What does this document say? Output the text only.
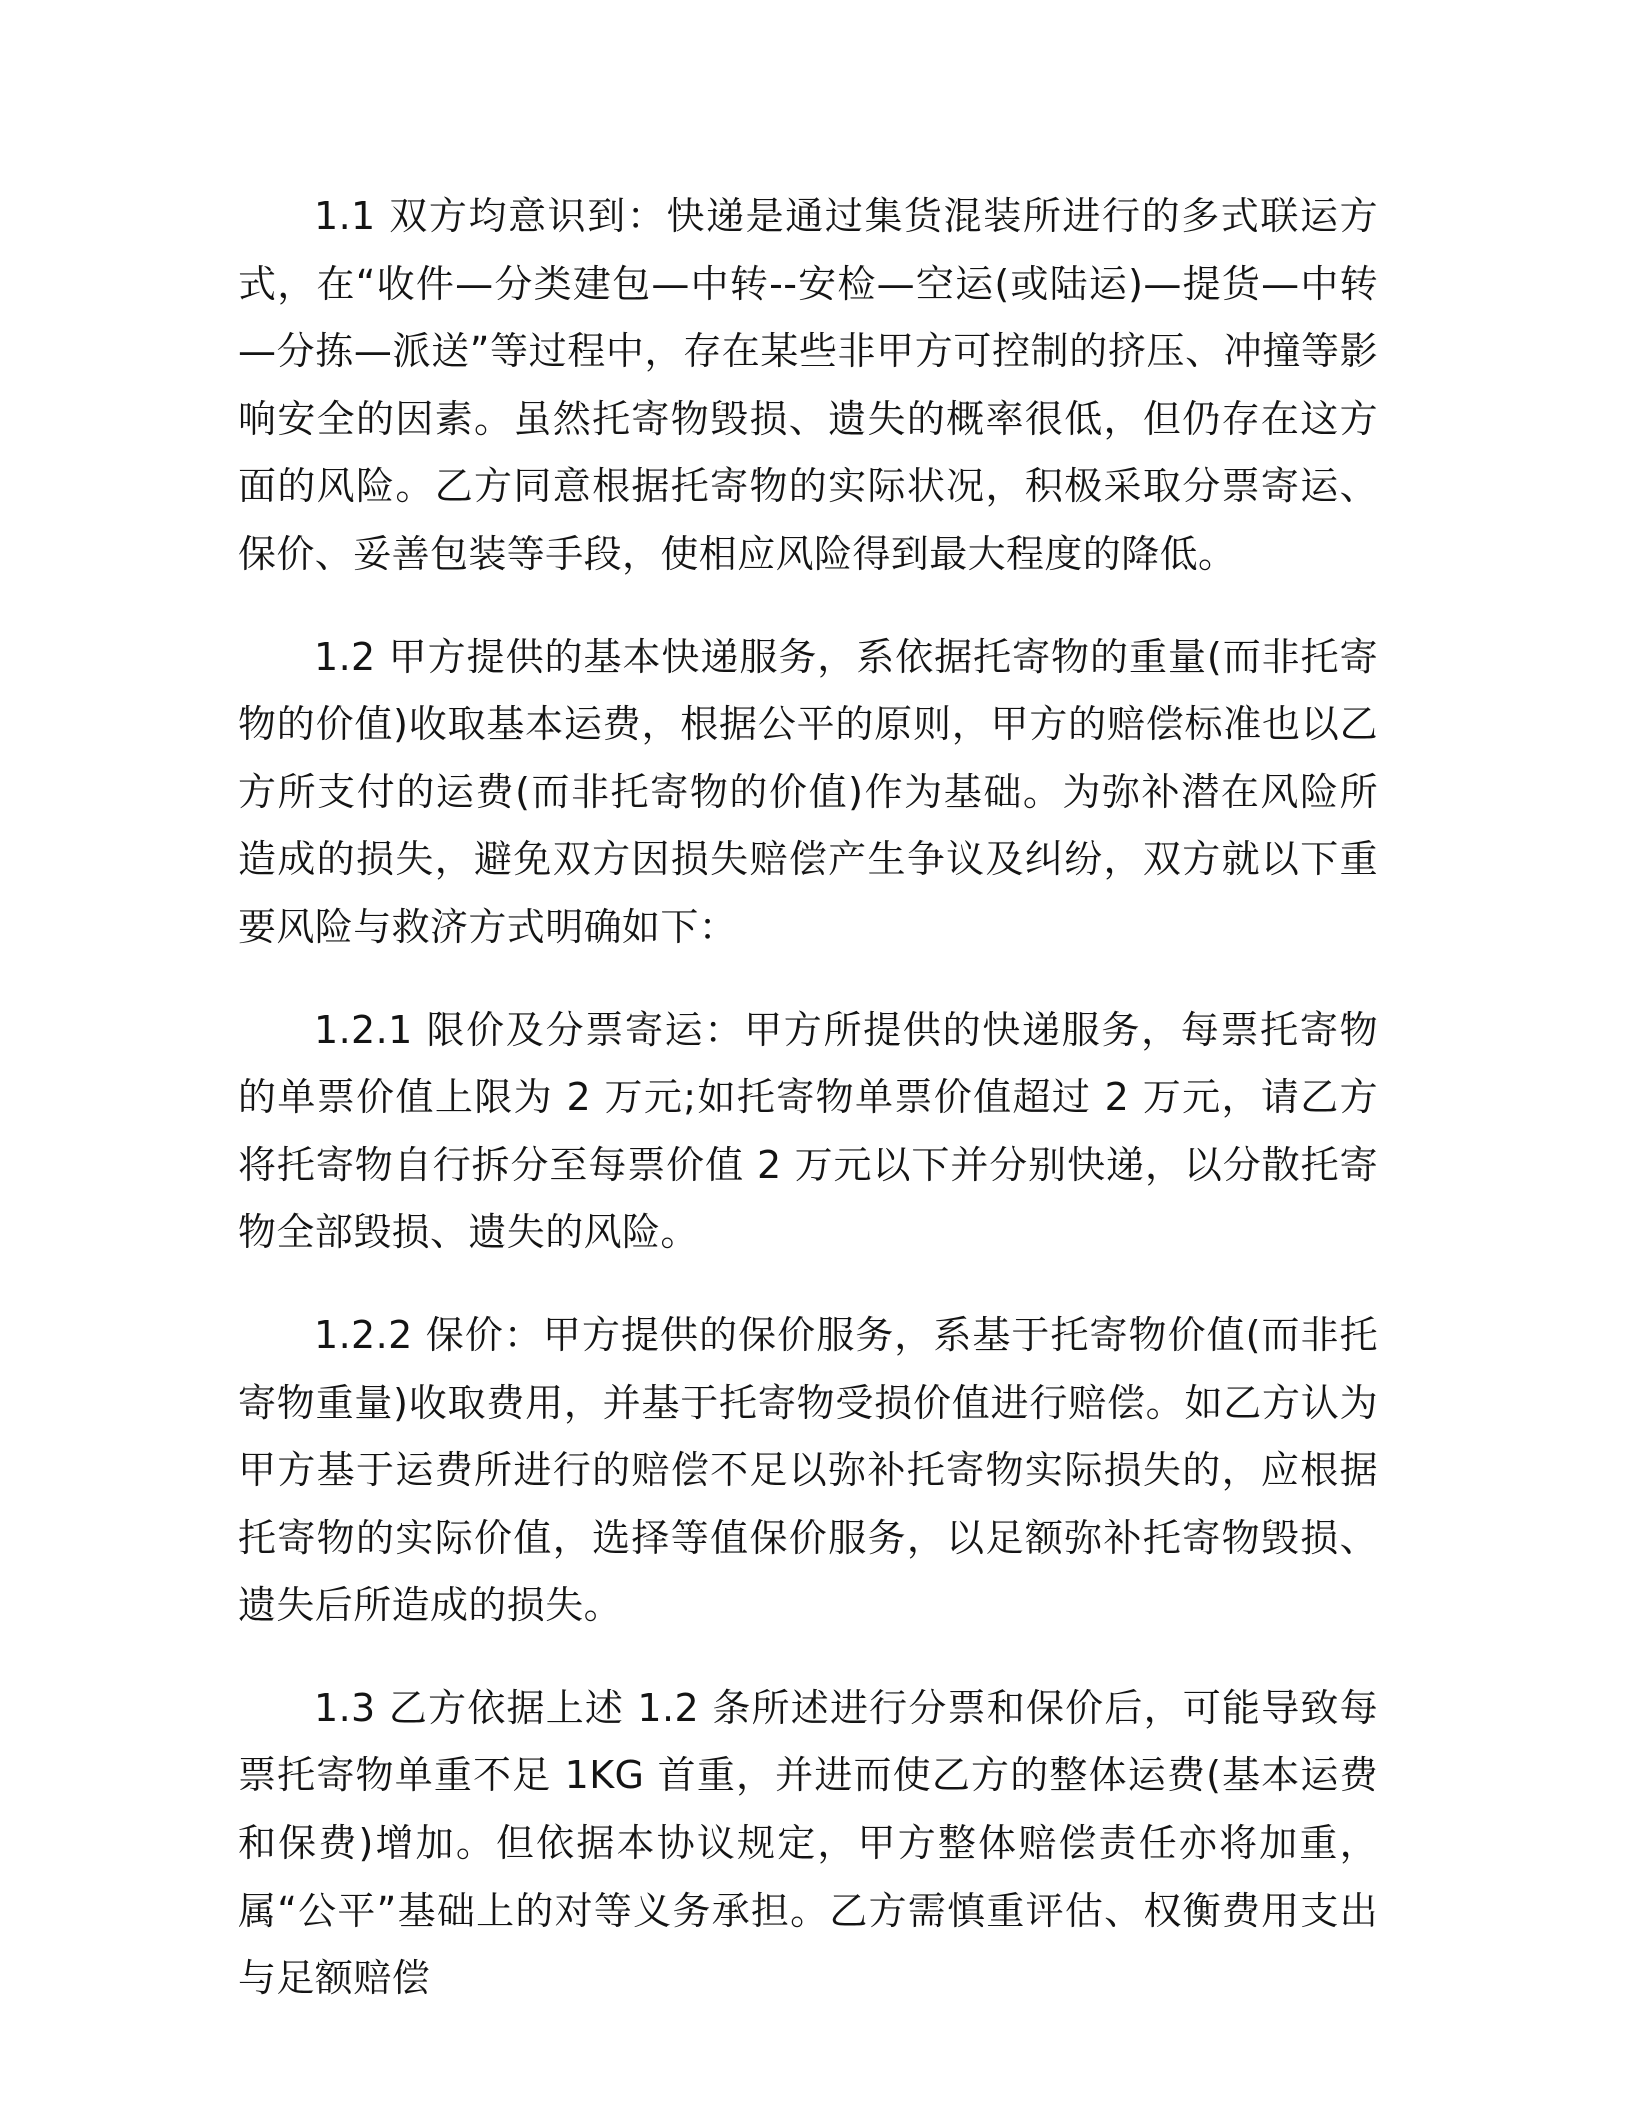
1.1 双方均意识到：快递是通过集货混装所进行的多式联运方式，在“收件—分类建包—中转--安检—空运(或陆运)—提货—中转—分拣—派送”等过程中，存在某些非甲方可控制的挤压、冲撞等影响安全的因素。虽然托寄物毁损、遗失的概率很低，但仍存在这方面的风险。乙方同意根据托寄物的实际状况，积极采取分票寄运、保价、妥善包装等手段，使相应风险得到最大程度的降低。

1.2 甲方提供的基本快递服务，系依据托寄物的重量(而非托寄物的价值)收取基本运费，根据公平的原则，甲方的赔偿标准也以乙方所支付的运费(而非托寄物的价值)作为基础。为弥补潜在风险所造成的损失，避免双方因损失赔偿产生争议及纠纷，双方就以下重要风险与救济方式明确如下：

1.2.1 限价及分票寄运：甲方所提供的快递服务，每票托寄物的单票价值上限为 2 万元;如托寄物单票价值超过 2 万元，请乙方将托寄物自行拆分至每票价值 2 万元以下并分别快递，以分散托寄物全部毁损、遗失的风险。

1.2.2 保价：甲方提供的保价服务，系基于托寄物价值(而非托寄物重量)收取费用，并基于托寄物受损价值进行赔偿。如乙方认为甲方基于运费所进行的赔偿不足以弥补托寄物实际损失的，应根据托寄物的实际价值，选择等值保价服务，以足额弥补托寄物毁损、遗失后所造成的损失。

1.3 乙方依据上述 1.2 条所述进行分票和保价后，可能导致每票托寄物单重不足 1KG 首重，并进而使乙方的整体运费(基本运费和保费)增加。但依据本协议规定，甲方整体赔偿责任亦将加重，属“公平”基础上的对等义务承担。乙方需慎重评估、权衡费用支出与足额赔偿
